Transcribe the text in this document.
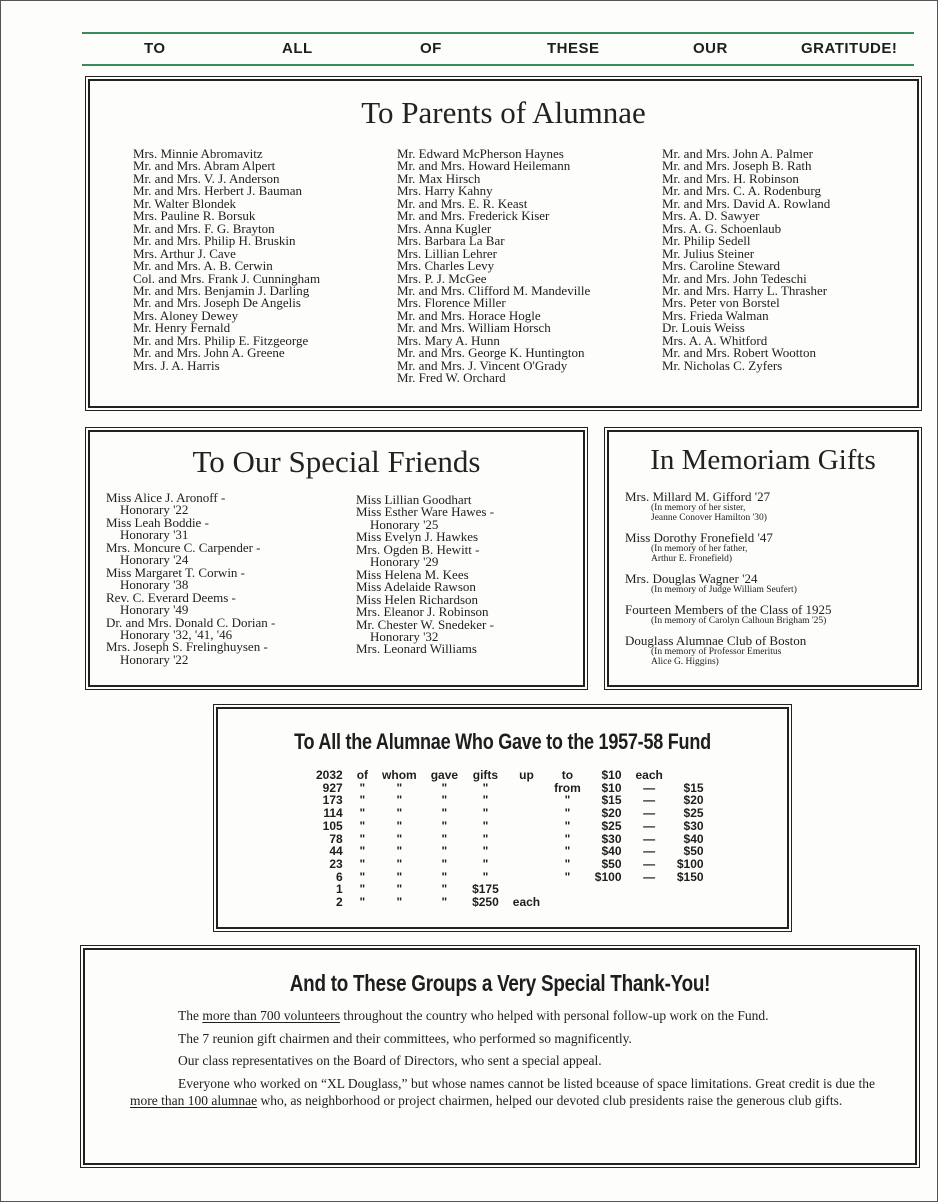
TO	ALL	OF	THESE	OUR	GRATITUDE!
To Parents of Alumnae
Mrs. Minnie Abromavitz
Mr. and Mrs. Abram Alpert
Mr. and Mrs. V. J. Anderson
Mr. and Mrs. Herbert J. Bauman
Mr. Walter Blondek
Mrs. Pauline R. Borsuk
Mr. and Mrs. F. G. Brayton
Mr. and Mrs. Philip H. Bruskin
Mrs. Arthur J. Cave
Mr. and Mrs. A. B. Cerwin
Col. and Mrs. Frank J. Cunningham
Mr. and Mrs. Benjamin J. Darling
Mr. and Mrs. Joseph De Angelis
Mrs. Aloney Dewey
Mr. Henry Fernald
Mr. and Mrs. Philip E. Fitzgeorge
Mr. and Mrs. John A. Greene
Mrs. J. A. Harris
Mr. Edward McPherson Haynes
Mr. and Mrs. Howard Heilemann
Mr. Max Hirsch
Mrs. Harry Kahny
Mr. and Mrs. E. R. Keast
Mr. and Mrs. Frederick Kiser
Mrs. Anna Kugler
Mrs. Barbara La Bar
Mrs. Lillian Lehrer
Mrs. Charles Levy
Mrs. P. J. McGee
Mr. and Mrs. Clifford M. Mandeville
Mrs. Florence Miller
Mr. and Mrs. Horace Hogle
Mr. and Mrs. William Horsch
Mrs. Mary A. Hunn
Mr. and Mrs. George K. Huntington
Mr. and Mrs. J. Vincent O'Grady
Mr. Fred W. Orchard
Mr. and Mrs. John A. Palmer
Mr. and Mrs. Joseph B. Rath
Mr. and Mrs. H. Robinson
Mr. and Mrs. C. A. Rodenburg
Mr. and Mrs. David A. Rowland
Mrs. A. D. Sawyer
Mrs. A. G. Schoenlaub
Mr. Philip Sedell
Mr. Julius Steiner
Mrs. Caroline Steward
Mr. and Mrs. John Tedeschi
Mr. and Mrs. Harry L. Thrasher
Mrs. Peter von Borstel
Mrs. Frieda Walman
Dr. Louis Weiss
Mrs. A. A. Whitford
Mr. and Mrs. Robert Wootton
Mr. Nicholas C. Zyfers
To Our Special Friends
Miss Alice J. Aronoff -
Honorary '22
Miss Leah Boddie -
Honorary '31
Mrs. Moncure C. Carpender -
Honorary '24
Miss Margaret T. Corwin -
Honorary '38
Rev. C. Everard Deems -
Honorary '49
Dr. and Mrs. Donald C. Dorian -
Honorary '32, '41, '46
Mrs. Joseph S. Frelinghuysen -
Honorary '22
Miss Lillian Goodhart
Miss Esther Ware Hawes -
Honorary '25
Miss Evelyn J. Hawkes
Mrs. Ogden B. Hewitt -
Honorary '29
Miss Helena M. Kees
Miss Adelaide Rawson
Miss Helen Richardson
Mrs. Eleanor J. Robinson
Mr. Chester W. Snedeker -
Honorary '32
Mrs. Leonard Williams
In Memoriam Gifts
Mrs. Millard M. Gifford '27
(In memory of her sister,
Jeanne Conover Hamilton '30)
Miss Dorothy Fronefield '47
(In memory of her father,
Arthur E. Fronefield)
Mrs. Douglas Wagner '24
(In memory of Judge William Seufert)
Fourteen Members of the Class of 1925
(In memory of Carolyn Calhoun Brigham '25)
Douglass Alumnae Club of Boston
(In memory of Professor Emeritus
Alice G. Higgins)
To All the Alumnae Who Gave to the 1957-58 Fund
2032	of	whom	gave	gifts	up	to	$10	each	
927	"	"	"	"		from	$10	—	$15
173	"	"	"	"		"	$15	—	$20
114	"	"	"	"		"	$20	—	$25
105	"	"	"	"		"	$25	—	$30
78	"	"	"	"		"	$30	—	$40
44	"	"	"	"		"	$40	—	$50
23	"	"	"	"		"	$50	—	$100
6	"	"	"	"		"	$100	—	$150
1	"	"	"	$175					
2	"	"	"	$250	each				
And to These Groups a Very Special Thank-You!

The more than 700 volunteers throughout the country who helped with personal follow-up work on the Fund.

The 7 reunion gift chairmen and their committees, who performed so magnificently.

Our class representatives on the Board of Directors, who sent a special appeal.

Everyone who worked on “XL Douglass,” but whose names cannot be listed bceause of space limitations. Great credit is due the more than 100 alumnae who, as neighborhood or project chairmen, helped our devoted club presidents raise the generous club gifts.
